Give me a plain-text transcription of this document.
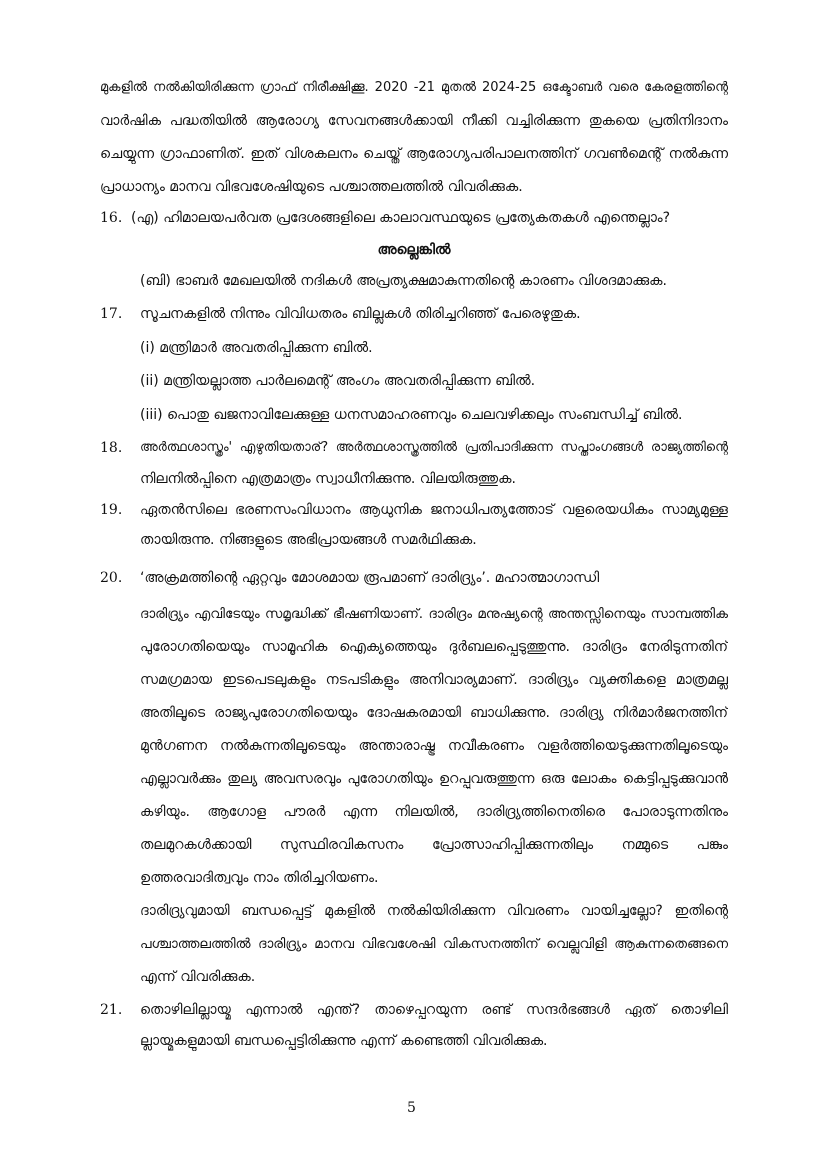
മുകളിൽ നൽകിയിരിക്കുന്ന ഗ്രാഫ് നിരീക്ഷിക്കൂ. 2020 -21 മുതൽ 2024-25 ഒക്ടോബർ വരെ കേരളത്തിന്റെ
വാർഷിക പദ്ധതിയിൽ ആരോഗ്യ സേവനങ്ങൾക്കായി നീക്കി വച്ചിരിക്കുന്ന തുകയെ പ്രതിനിദാനം
ചെയ്യുന്ന ഗ്രാഫാണിത്. ഇത് വിശകലനം ചെയ്ത് ആരോഗ്യപരിപാലനത്തിന് ഗവൺമെന്റ് നൽകുന്ന
പ്രാധാന്യം മാനവ വിഭവശേഷിയുടെ പശ്ചാത്തലത്തിൽ വിവരിക്കുക.
16. (എ) ഹിമാലയപർവത പ്രദേശങ്ങളിലെ കാലാവസ്ഥയുടെ പ്രത്യേകതകൾ എന്തെല്ലാം?
അല്ലെങ്കിൽ
(ബി) ഭാബർ മേഖലയിൽ നദികൾ അപ്രത്യക്ഷമാകുന്നതിന്റെ കാരണം വിശദമാക്കുക.
17. സൂചനകളിൽ നിന്നും വിവിധതരം ബില്ലുകൾ തിരിച്ചറിഞ്ഞ് പേരെഴുതുക.
(i) മന്ത്രിമാർ അവതരിപ്പിക്കുന്ന ബിൽ.
(ii) മന്ത്രിയല്ലാത്ത പാർലമെന്റ് അംഗം അവതരിപ്പിക്കുന്ന ബിൽ.
(iii) പൊതു ഖജനാവിലേക്കുള്ള ധനസമാഹരണവും ചെലവഴിക്കലും സംബന്ധിച്ച് ബിൽ.
18. അർത്ഥശാസ്ത്രം' എഴുതിയതാര്? അർത്ഥശാസ്ത്രത്തിൽ പ്രതിപാദിക്കുന്ന സപ്താംഗങ്ങൾ രാജ്യത്തിന്റെ
നിലനിൽപ്പിനെ എത്രമാത്രം സ്വാധീനിക്കുന്നു. വിലയിരുത്തുക.
19. ഏതൻസിലെ ഭരണസംവിധാനം ആധുനിക ജനാധിപത്യത്തോട് വളരെയധികം സാമ്യമുള്ള
തായിരുന്നു. നിങ്ങളുടെ അഭിപ്രായങ്ങൾ സമർഥിക്കുക.
20. ‘അക്രമത്തിന്റെ ഏറ്റവും മോശമായ രൂപമാണ് ദാരിദ്ര്യം’. മഹാത്മാഗാന്ധി
ദാരിദ്ര്യം എവിടേയും സമൃദ്ധിക്ക് ഭീഷണിയാണ്. ദാരിദ്രം മനുഷ്യന്റെ അന്തസ്സിനെയും സാമ്പത്തിക
പുരോഗതിയെയും സാമൂഹിക ഐക്യത്തെയും ദുർബലപ്പെടുത്തുന്നു. ദാരിദ്രം നേരിടുന്നതിന്
സമഗ്രമായ ഇടപെടലുകളും നടപടികളും അനിവാര്യമാണ്. ദാരിദ്ര്യം വ്യക്തികളെ മാത്രമല്ല
അതിലൂടെ രാജ്യപുരോഗതിയെയും ദോഷകരമായി ബാധിക്കുന്നു. ദാരിദ്ര്യ നിർമാർജനത്തിന്
മുൻഗണന നൽകുന്നതിലൂടെയും അന്താരാഷ്ട്ര നവീകരണം വളർത്തിയെടുക്കുന്നതിലൂടെയും
എല്ലാവർക്കും തുല്യ അവസരവും പുരോഗതിയും ഉറപ്പുവരുത്തുന്ന ഒരു ലോകം കെട്ടിപ്പടുക്കുവാൻ
കഴിയും. ആഗോള പൗരർ എന്ന നിലയിൽ, ദാരിദ്ര്യത്തിനെതിരെ പോരാടുന്നതിനും
തലമുറകൾക്കായി സുസ്ഥിരവികസനം പ്രോത്സാഹിപ്പിക്കുന്നതിലും നമ്മുടെ പങ്കും
ഉത്തരവാദിത്വവും നാം തിരിച്ചറിയണം.
ദാരിദ്ര്യവുമായി ബന്ധപ്പെട്ട് മുകളിൽ നൽകിയിരിക്കുന്ന വിവരണം വായിച്ചല്ലോ? ഇതിന്റെ
പശ്ചാത്തലത്തിൽ ദാരിദ്ര്യം മാനവ വിഭവശേഷി വികസനത്തിന് വെല്ലുവിളി ആകുന്നതെങ്ങനെ
എന്ന് വിവരിക്കുക.
21. തൊഴിലില്ലായ്മ എന്നാൽ എന്ത്? താഴെപ്പറയുന്ന രണ്ട് സന്ദർഭങ്ങൾ ഏത് തൊഴിലി
ല്ലായ്മകളുമായി ബന്ധപ്പെട്ടിരിക്കുന്നു എന്ന് കണ്ടെത്തി വിവരിക്കുക.
5
